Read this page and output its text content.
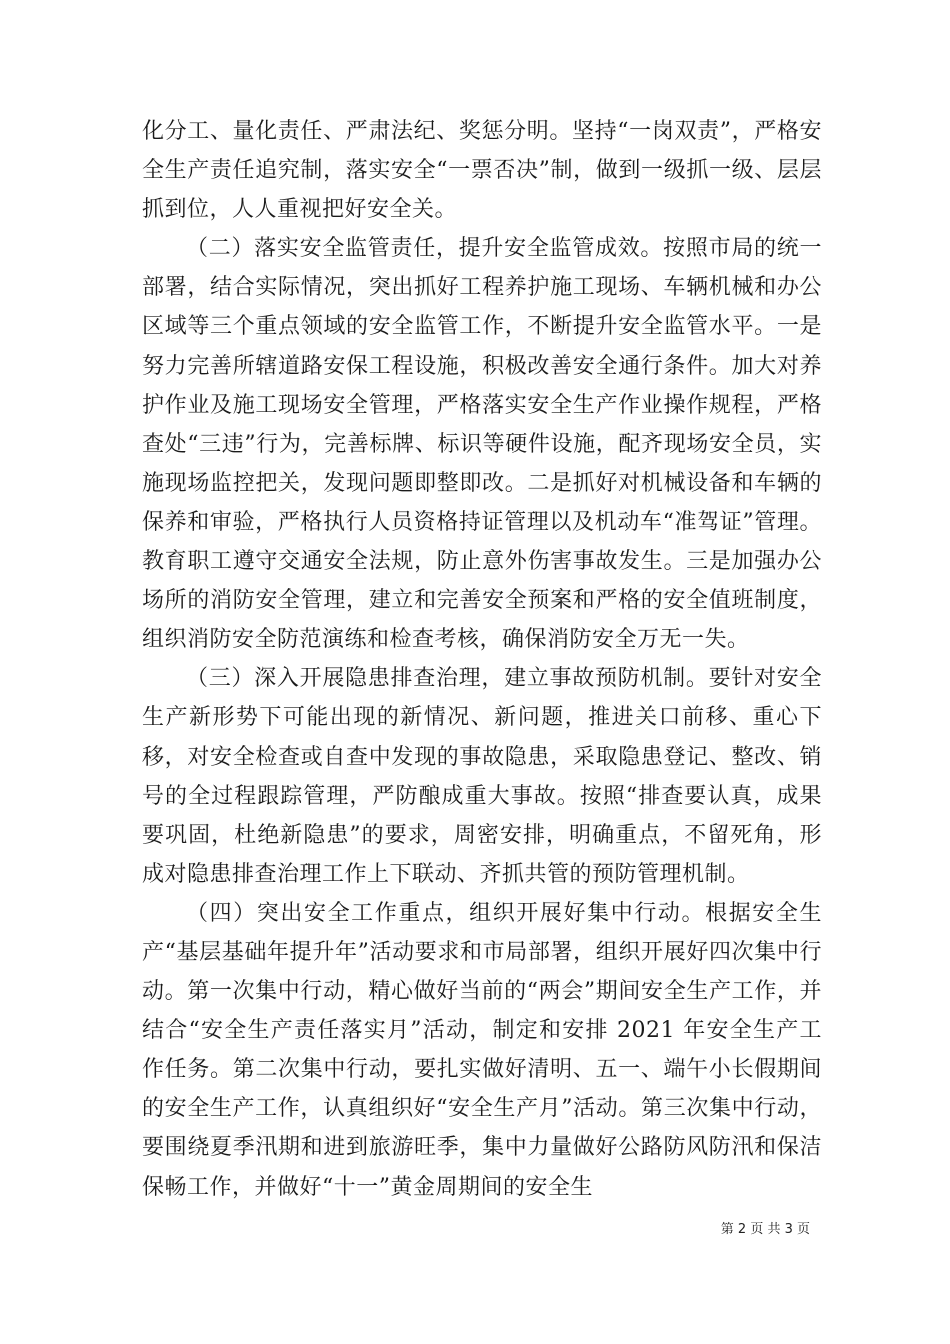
化分工、量化责任、严肃法纪、奖惩分明。坚持“一岗双责”，严格安全生产责任追究制，落实安全“一票否决”制，做到一级抓一级、层层抓到位，人人重视把好安全关。

（二）落实安全监管责任，提升安全监管成效。按照市局的统一部署，结合实际情况，突出抓好工程养护施工现场、车辆机械和办公区域等三个重点领域的安全监管工作，不断提升安全监管水平。一是努力完善所辖道路安保工程设施，积极改善安全通行条件。加大对养护作业及施工现场安全管理，严格落实安全生产作业操作规程，严格查处“三违”行为，完善标牌、标识等硬件设施，配齐现场安全员，实施现场监控把关，发现问题即整即改。二是抓好对机械设备和车辆的保养和审验，严格执行人员资格持证管理以及机动车“准驾证”管理。教育职工遵守交通安全法规，防止意外伤害事故发生。三是加强办公场所的消防安全管理，建立和完善安全预案和严格的安全值班制度，组织消防安全防范演练和检查考核，确保消防安全万无一失。

（三）深入开展隐患排查治理，建立事故预防机制。要针对安全生产新形势下可能出现的新情况、新问题，推进关口前移、重心下移，对安全检查或自查中发现的事故隐患，采取隐患登记、整改、销号的全过程跟踪管理，严防酿成重大事故。按照“排查要认真，成果要巩固，杜绝新隐患”的要求，周密安排，明确重点，不留死角，形成对隐患排查治理工作上下联动、齐抓共管的预防管理机制。

（四）突出安全工作重点，组织开展好集中行动。根据安全生产“基层基础年提升年”活动要求和市局部署，组织开展好四次集中行动。第一次集中行动，精心做好当前的“两会”期间安全生产工作，并结合“安全生产责任落实月”活动，制定和安排 2021 年安全生产工作任务。第二次集中行动，要扎实做好清明、五一、端午小长假期间的安全生产工作，认真组织好“安全生产月”活动。第三次集中行动，要围绕夏季汛期和进到旅游旺季，集中力量做好公路防风防汛和保洁保畅工作，并做好“十一”黄金周期间的安全生

第 2 页 共 3 页
